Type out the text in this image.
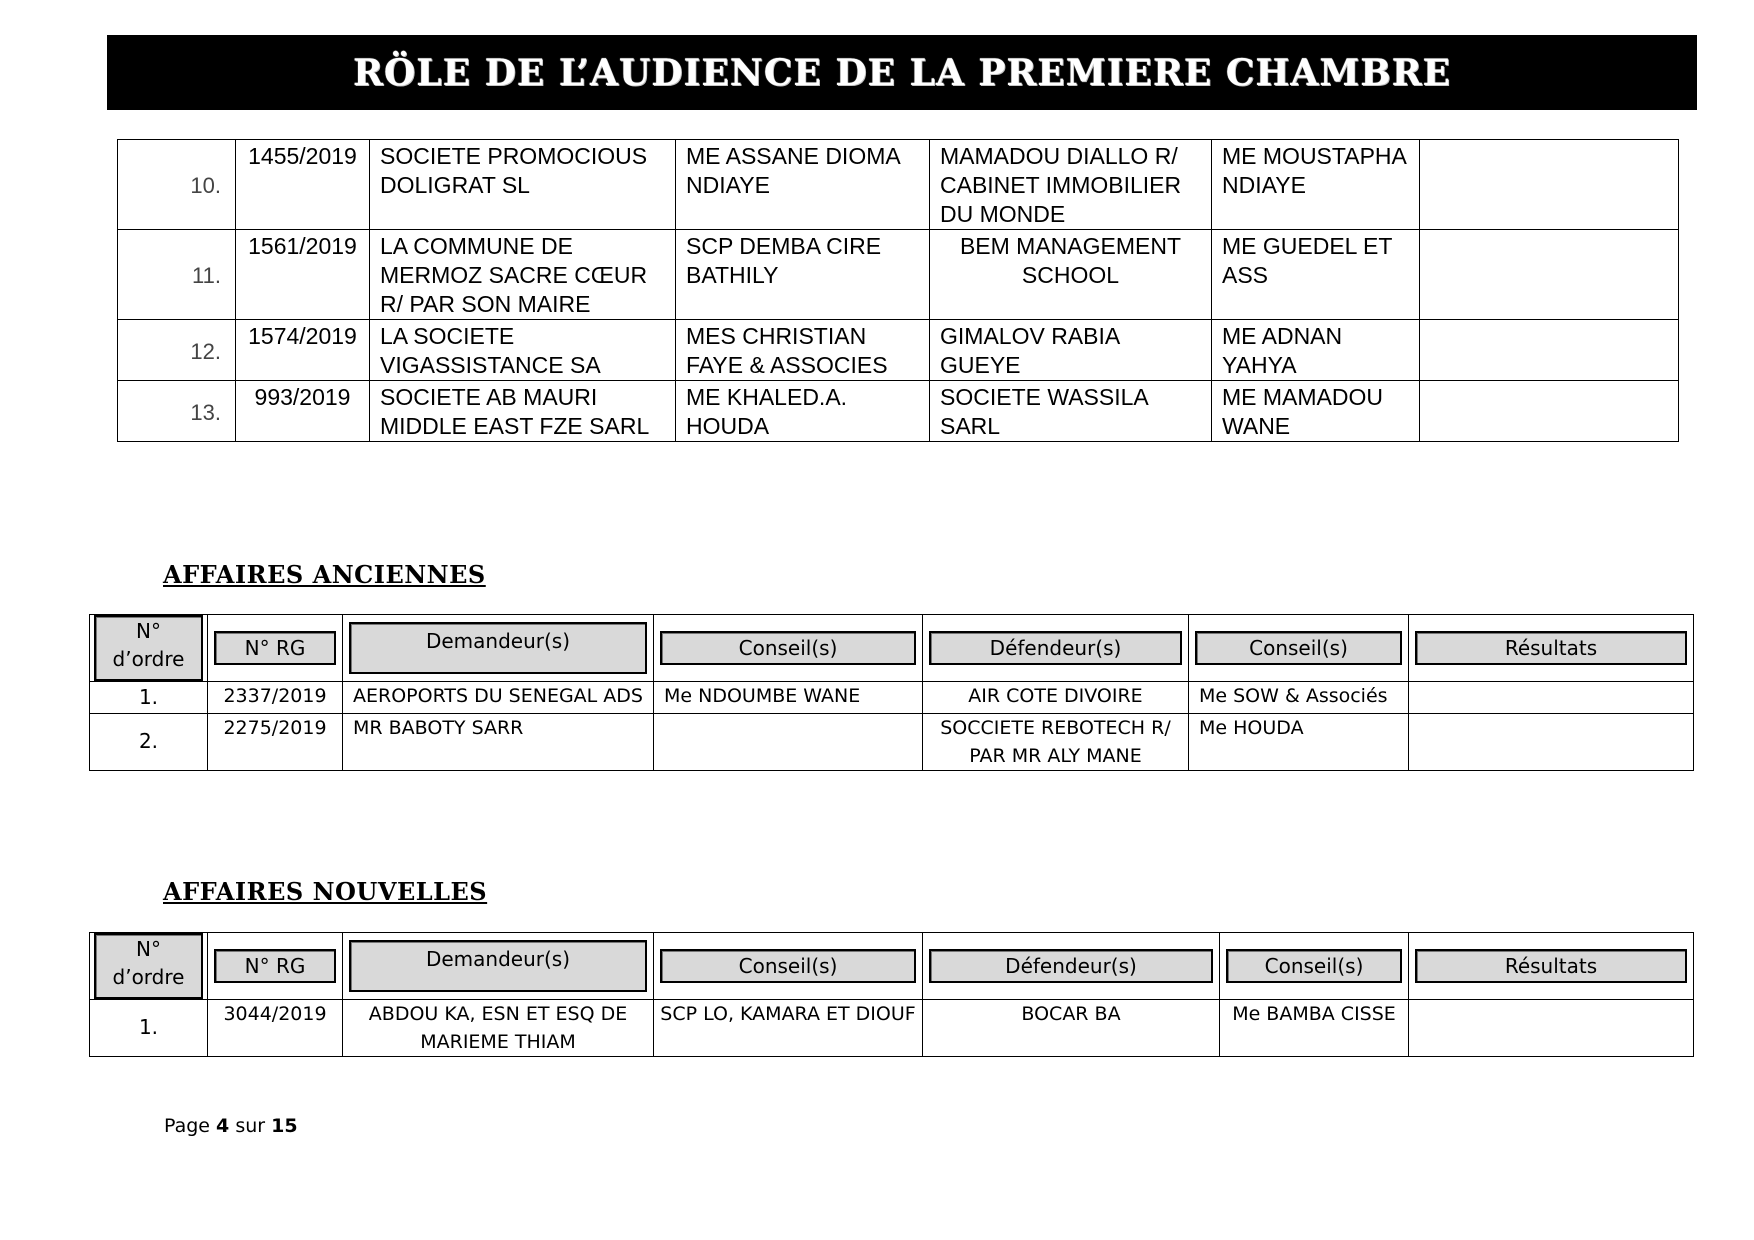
RÖLE DE L’AUDIENCE DE LA PREMIERE CHAMBRE
10.	1455/2019	SOCIETE PROMOCIOUS DOLIGRAT SL	ME ASSANE DIOMA NDIAYE	MAMADOU DIALLO R/ CABINET IMMOBILIER DU MONDE	ME MOUSTAPHA NDIAYE	
11.	1561/2019	LA COMMUNE DE MERMOZ SACRE CŒUR R/ PAR SON MAIRE	SCP DEMBA CIRE BATHILY	BEM MANAGEMENT SCHOOL	ME GUEDEL ET ASS	
12.	1574/2019	LA SOCIETE VIGASSISTANCE SA	MES CHRISTIAN FAYE & ASSOCIES	GIMALOV RABIA GUEYE	ME ADNAN YAHYA	
13.	993/2019	SOCIETE AB MAURI MIDDLE EAST FZE SARL	ME KHALED.A. HOUDA	SOCIETE WASSILA SARL	ME MAMADOU WANE	
AFFAIRES ANCIENNES
N°
d’ordre	N° RG	Demandeur(s)	Conseil(s)	Défendeur(s)	Conseil(s)	Résultats

1.	2337/2019	AEROPORTS DU SENEGAL ADS	Me NDOUMBE WANE	AIR COTE DIVOIRE	Me SOW & Associés	
2.	2275/2019	MR BABOTY SARR		SOCCIETE REBOTECH R/ PAR MR ALY MANE	Me HOUDA	
AFFAIRES NOUVELLES
N°
d’ordre	N° RG	Demandeur(s)	Conseil(s)	Défendeur(s)	Conseil(s)	Résultats

1.	3044/2019	ABDOU KA, ESN ET ESQ DE MARIEME THIAM	SCP LO, KAMARA ET DIOUF	BOCAR BA	Me BAMBA CISSE	
Page 4 sur 15
